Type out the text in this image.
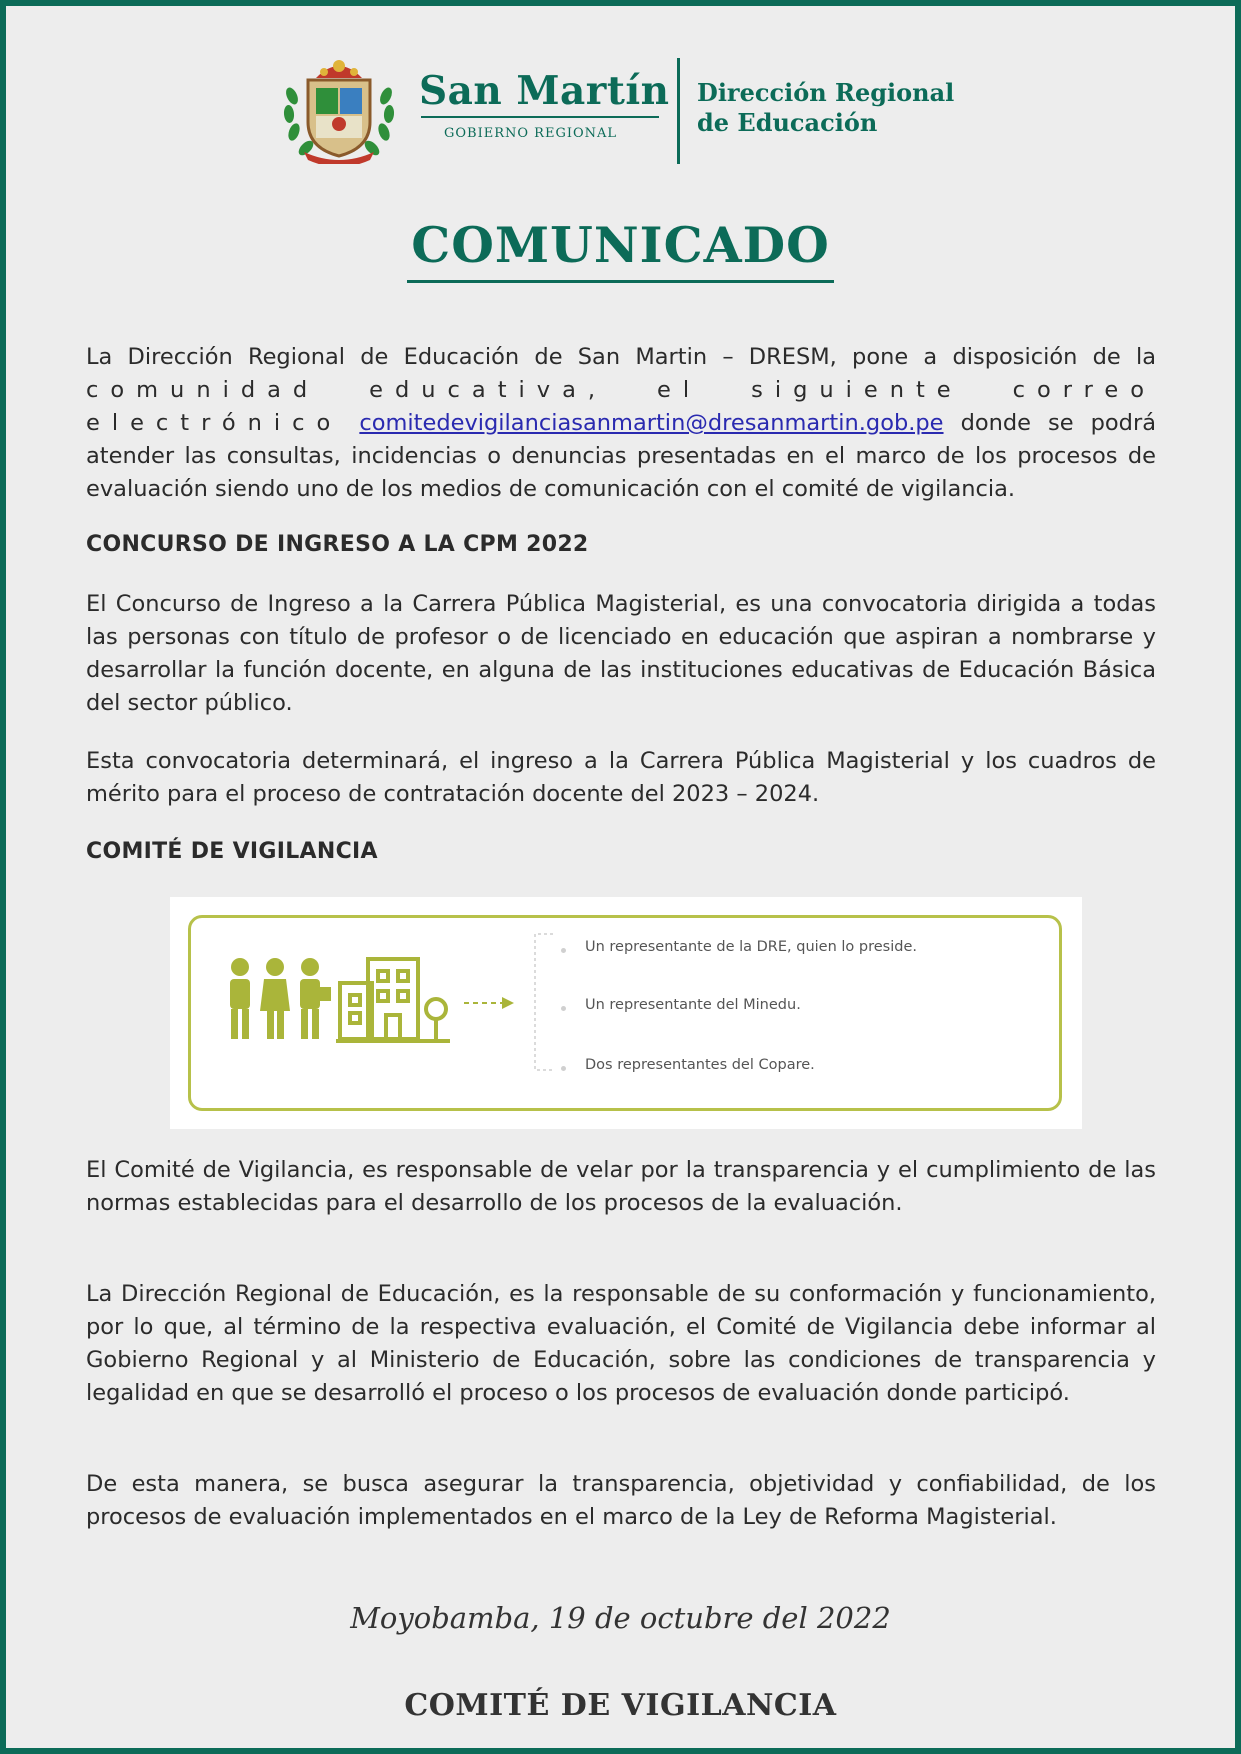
San Martín
GOBIERNO REGIONAL
Dirección Regional
de Educación
COMUNICADO

La Dirección Regional de Educación de San Martin – DRESM, pone a disposición de la comunidad educativa, el siguiente correo electrónico comitedevigilanciasanmartin@dresanmartin.gob.pe donde se podrá atender las consultas, incidencias o denuncias presentadas en el marco de los procesos de evaluación siendo uno de los medios de comunicación con el comité de vigilancia.

CONCURSO DE INGRESO A LA CPM 2022

El Concurso de Ingreso a la Carrera Pública Magisterial, es una convocatoria dirigida a todas las personas con título de profesor o de licenciado en educación que aspiran a nombrarse y desarrollar la función docente, en alguna de las instituciones educativas de Educación Básica del sector público.

Esta convocatoria determinará, el ingreso a la Carrera Pública Magisterial y los cuadros de mérito para el proceso de contratación docente del 2023 – 2024.

COMITÉ DE VIGILANCIA
Un representante de la DRE, quien lo preside.
Un representante del Minedu.
Dos representantes del Copare.

El Comité de Vigilancia, es responsable de velar por la transparencia y el cumplimiento de las normas establecidas para el desarrollo de los procesos de la evaluación.

La Dirección Regional de Educación, es la responsable de su conformación y funcionamiento, por lo que, al término de la respectiva evaluación, el Comité de Vigilancia debe informar al Gobierno Regional y al Ministerio de Educación, sobre las condiciones de transparencia y legalidad en que se desarrolló el proceso o los procesos de evaluación donde participó.

De esta manera, se busca asegurar la transparencia, objetividad y confiabilidad, de los procesos de evaluación implementados en el marco de la Ley de Reforma Magisterial.

Moyobamba, 19 de octubre del 2022
COMITÉ DE VIGILANCIA
